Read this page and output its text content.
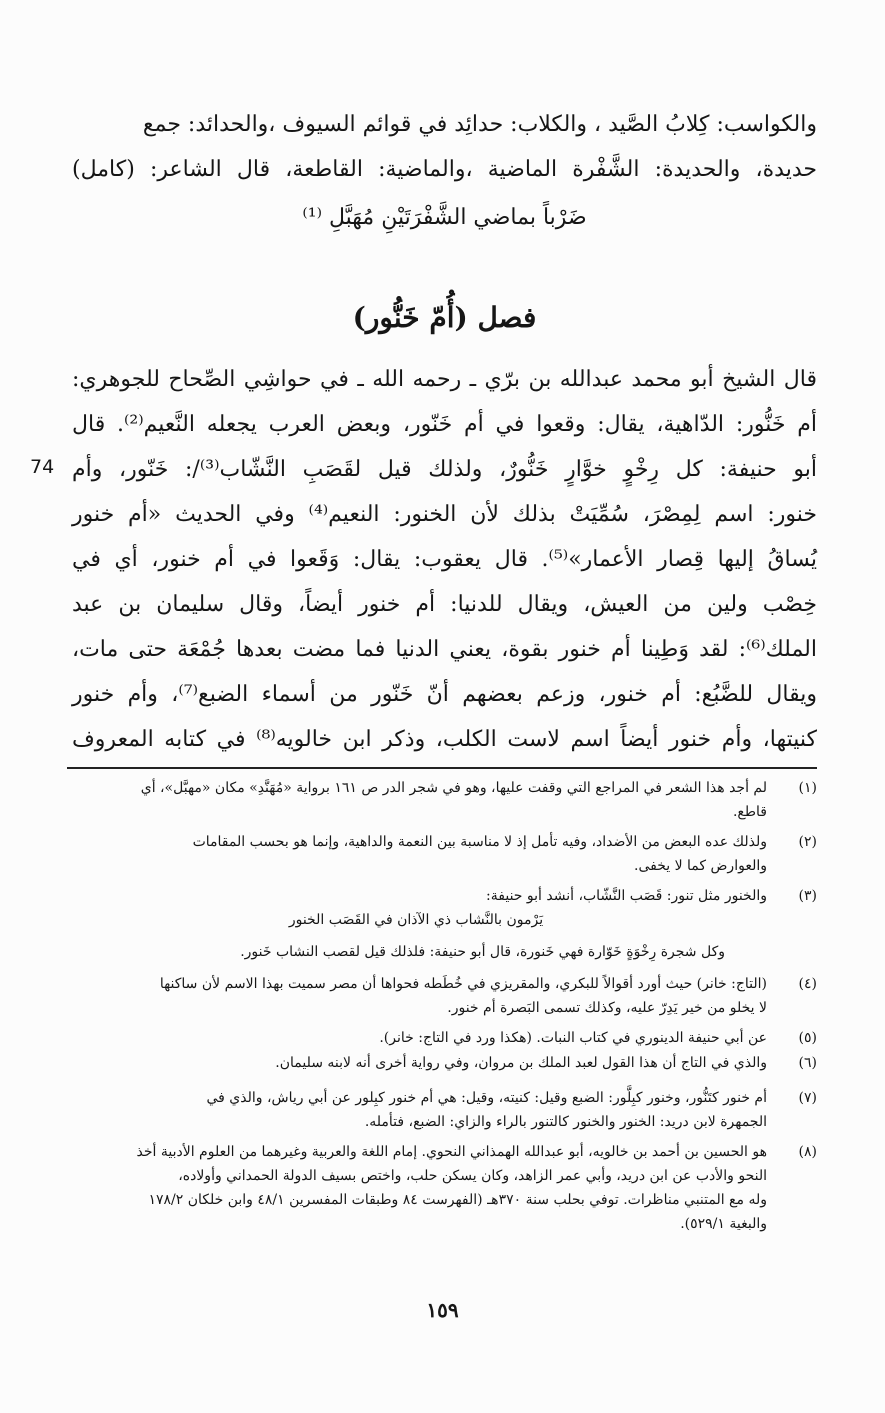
والكواسب: كِلابُ الصَّيد ، والكلاب: حدائِد في قوائم السيوف ،والحدائد: جمع
حديدة، والحديدة: الشَّفْرة الماضية ،والماضية: القاطعة، قال الشاعر: (كامل)
ضَرْباً بماضي الشَّفْرَتَيْنِ مُهَبَّلِ ⁽¹⁾
فصل (أُمّ خَنُّور)
قال الشيخ أبو محمد عبدالله بن برّي ـ رحمه الله ـ في حواشِي الصِّحاح للجوهري:
أم خَنُّور: الدّاهية، يقال: وقعوا في أم خَنّور، وبعض العرب يجعله النَّعيم⁽²⁾. قال
أبو حنيفة: كل رِخْوٍ خوَّارٍ خَنُّورٌ، ولذلك قيل لقَصَبِ النَّشّاب⁽³⁾/: خَنّور، وأم
خنور: اسم لِمِصْرَ، سُمِّيَتْ بذلك لأن الخنور: النعيم⁽⁴⁾ وفي الحديث «أم خنور
يُساقُ إليها قِصار الأعمار»⁽⁵⁾. قال يعقوب: يقال: وَقَعوا في أم خنور، أي في
خِصْب ولين من العيش، ويقال للدنيا: أم خنور أيضاً، وقال سليمان بن عبد
الملك⁽⁶⁾: لقد وَطِينا أم خنور بقوة، يعني الدنيا فما مضت بعدها جُمْعَة حتى مات،
ويقال للضَّبُع: أم خنور، وزعم بعضهم أنّ خَنّور من أسماء الضبع⁽⁷⁾، وأم خنور
كنيتها، وأم خنور أيضاً اسم لاست الكلب، وذكر ابن خالويه⁽⁸⁾ في كتابه المعروف
74
(١)
لم أجد هذا الشعر في المراجع التي وقفت عليها، وهو في شجر الدر ص ١٦١ برواية «مُهَنَّدِ» مكان «مهبَّل»، أي
قاطع.
(٢)
ولذلك عده البعض من الأضداد، وفيه تأمل إذ لا مناسبة بين النعمة والداهية، وإنما هو بحسب المقامات
والعوارض كما لا يخفى.
(٣)
والخنور مثل تنور: قَصَب النَّشّاب، أنشد أبو حنيفة:
يَرْمون بالنَّشاب ذي الآذان في القَصَب الخنور
وكل شجرة رِخْوَةٍ خَوّارة فهي خَنورة، قال أبو حنيفة: فلذلك قيل لقصب النشاب خَنور.
(٤)
(التاج: خانر) حيث أورد أقوالاً للبكري، والمقريزي في خُطَطه فحواها أن مصر سميت بهذا الاسم لأن ساكنها
لا يخلو من خير يَدِرّ عليه، وكذلك تسمى البَصرة أم خنور.
(٥)
عن أبي حنيفة الدينوري في كتاب النبات. (هكذا ورد في التاج: خانر).
(٦)
والذي في التاج أن هذا القول لعبد الملك بن مروان، وفي رواية أخرى أنه لابنه سليمان.
(٧)
أم خنور كتَنُّور، وخنور كبِلَّور: الضبع وقيل: كنيته، وقيل: هي أم خنور كبِلور عن أبي رياش، والذي في
الجمهرة لابن دريد: الخنور والخنور كالتنور بالراء والزاي: الضبع، فتأمله.
(٨)
هو الحسين بن أحمد بن خالويه، أبو عبدالله الهمذاني النحوي. إمام اللغة والعربية وغيرهما من العلوم الأدبية أخذ
النحو والأدب عن ابن دريد، وأبي عمر الزاهد، وكان يسكن حلب، واختص بسيف الدولة الحمداني وأولاده،
وله مع المتنبي مناظرات. توفي بحلب سنة ٣٧٠هـ (الفهرست ٨٤ وطبقات المفسرين ٤٨/١ وابن خلكان ١٧٨/٢
والبغية ٥٢٩/١).
١٥٩
